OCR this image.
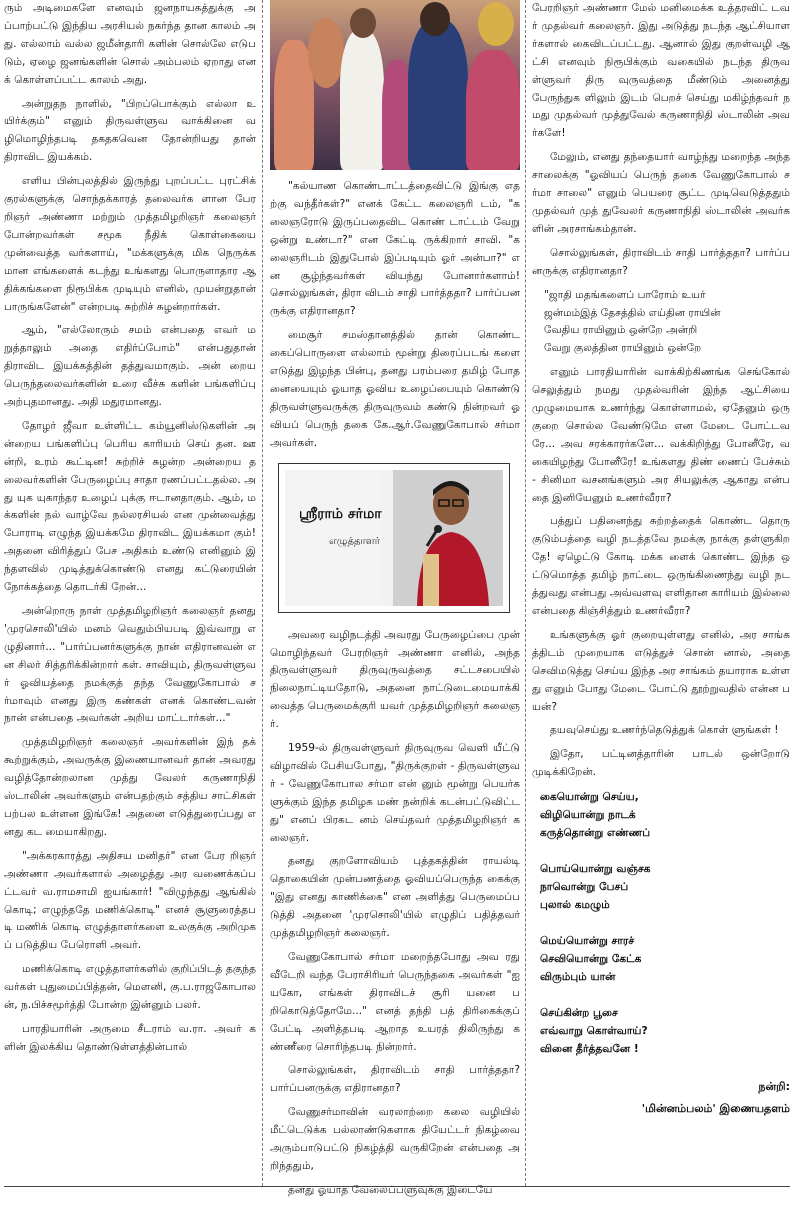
ரும் அடிமைகளே எனவும் ஜனநாயகத்துக்கு அப்பாற்பட்டு இந்திய அரசியல் நகர்ந்த தான காலம் அது. எல்லாம் வல்ல ஜமீன்தாரி களின் சொல்லே எடுபடும், ஏழை ஜனங்களின் சொல் அம்பலம் ஏறாது எனக் கொள்ளப்பட்ட காலம் அது.

அன்றுதந நாளில், "பிறப்பொக்கும் எல்லா உயிர்க்கும்" எனும் திருவள்ளுவ வாக்கினை வழிமொழிந்தபடி தகதகவென தோன்றியது தான் திராவிட இயக்கம்.

எளிய பின்புலத்தில் இருந்து புறப்பட்ட புரட்சிக் குரல்களுக்கு சொந்தக்காரத் தலைவர்க ளான பேரறிஞர் அண்ணா மற்றும் முத்தமிழறிஞர் கலைஞர் போன்றவர்கள் சமூக நீதிக் கொள்கையை முன்வைத்த வர்களாய், "மக்களுக்கு மிக நெருக்கமான எங்களைக் கடந்து உங்களது பொருளாதார ஆதிக்கங்களை நிரூபிக்க முடியும் எனில், முயன்றுதான் பாருங்களேன்" என்றபடி சுற்றிச் சுழன்றார்கள்.

ஆம், "எல்லோரும் சமம் என்பதை எவர் மறுத்தாலும் அதை எதிர்ப்போம்" என்பதுதான் திராவிட இயக்கத்தின் தத்துவமாகும். அன் றைய பெருந்தலைவர்களின் உரை வீச்சு களின் பங்களிப்பு அற்புதமானது. அதி மதுரமானது.

தோழர் ஜீவா உள்ளிட்ட கம்யூனிஸ்டுகளின் அன்றைய பங்களிப்பு பெரிய காரியம் செய் தன. ஊன்றி, உரம் கூட்டின! சுற்றிச் சுழன்ற அன்றைய தலைவர்களின் பேருழைப்பு சாதா ரணப்பட்டதல்ல. அது யுக யுகாந்தர உழைப் புக்கு ஈடானதாகும். ஆம், மக்களின் நல் வாழ்வே நல்லரசியல் என முன்வைத்து போராடி எழுந்த இயக்கமே திராவிட இயக்கமா கும்! அதனை விரித்துப் பேச அதிகம் உண்டு எனினும் இந்தளவில் முடித்துக்கொண்டு எனது கட்டுரையின் நோக்கத்தை தொடர்கி றேன்...

அன்றொரு நாள் முத்தமிழறிஞர் கலைஞர் தனது 'முரசொலி'யில் மனம் வெதும்பியபடி இவ்வாறு எழுதினார்... "பார்ப்பனர்களுக்கு நான் எதிரானவன் என சிலர் சித்தரிக்கின்றார் கள். சாவியும், திருவள்ளுவர் ஓவியத்தை நமக்குத் தந்த வேணுகோபால் சர்மாவும் எனது இரு கண்கள் எனக் கொண்டவன் நான் என்பதை அவர்கள் அறிய மாட்டார்கள்..."

முத்தமிழறிஞர் கலைஞர் அவர்களின் இந் தக் கூற்றுக்கும், அவருக்கு இணையானவர் தான் அவரது வழித்தோன்றலான முத்து வேலர் கருணாநிதி ஸ்டாலின் அவர்களும் என்பதற்கும் சத்திய சாட்சிகள் பற்பல உள்ளன இங்கே! அதனை எடுத்துரைப்பது எனது கட மையாகிறது.

"அக்கரகாரத்து அதிசய மனிதர்" என பேர றிஞர் அண்ணா அவர்களால் அழைத்து அர வணைக்கப்பட்டவர் வ.ராமசாமி ஐயங்கார்! "விழுந்தது ஆங்கில் கொடி; எழுந்ததே மணிக்கொடி" எனச் சூளுரைத்தபடி மணிக் கொடி எழுத்தாளர்களை உலகுக்கு அறிமுகப் படுத்திய பேரொளி அவர்.

மணிக்கொடி எழுத்தாளர்களில் குறிப்பிடத் தகுந்தவர்கள் புதுமைப்பித்தன், மௌனி, கு.ப.ராஜகோபாலன், ந.பிச்சமூர்த்தி போன்ற இன்னும் பலர்.

பாரதியாரின் அருமை சீடராம் வ.ரா. அவர் களின் இலக்கிய தொண்டுள்ளத்தின்பால்

"கல்யாண கொண்டாட்டத்தைவிட்டு இங்கு எதற்கு வந்தீர்கள்?" எனக் கேட்ட கலைஞரி டம், "கலைஞரோடு இருப்பதைவிட கொண் டாட்டம் வேறு ஒன்று உண்டா?" என கேட்டி ருக்கிறார் சாவி. "கலைஞரிடம் இதுபோல் இப்படியும் ஓர் அன்பா?" என சூழ்ந்தவர்கள் வியந்து போனார்களாம்! சொல்லுங்கள், திரா விடம் சாதி பார்த்ததா? பார்ப்பனருக்கு எதிரானதா?

மைசூர் சமஸ்தானத்தில் தான் கொண்ட கைப்பொருளை எல்லாம் மூன்று திரைப்படங் களை எடுத்து இழந்த பின்பு, தனது பரம்பரை தமிழ் போதனையையும் ஓயாத ஓவிய உழைப்பையும் கொண்டு திருவள்ளுவருக்கு திருவுருவம் கண்டு நின்றவர் ஓவியப் பெருந் தகை கே.ஆர்.வேணுகோபால் சர்மா அவர்கள்.

ஸ்ரீராம் சர்மா
எழுத்தாளர்

அவரை வழிநடத்தி அவரது பேருழைப்பை முன் மொழிந்தவர் பேரறிஞர் அண்ணா எனில், அந்த திருவள்ளுவர் திருவுருவத்தை சட்டசபையில் நிலைநாட்டியதோடு, அதனை நாட்டுடைமையாக்கி வைத்த பெருமைக்குரி யவர் முத்தமிழறிஞர் கலைஞர்.

1959-ல் திருவள்ளுவர் திருவுருவ வெளி யீட்டு விழாவில் பேசியபோது, "திருக்குறள் - திருவள்ளுவர் - வேணுகோபால சர்மா என் னும் மூன்று பெயர்களுக்கும் இந்த தமிழக மண் நன்றிக் கடன்பட்டுவிட்டது" எனப் பிரகட னம் செய்தவர் முத்தமிழறிஞர் கலைஞர்.

தனது குறளோவியம் புத்தகத்தின் ராயல்டி தொகையின் முன்பணத்தை ஓவியப்பெருந்த கைக்கு "இது எனது காணிக்கை" என அளித்து பெருமைப்படுத்தி அதனை 'முரசொலி'யில் எழுதிப் பதித்தவர் முத்தமிழறிஞர் கலைஞர்.

வேணுகோபால் சர்மா மறைந்தபோது அவ ரது வீடேறி வந்த பேராசிரியர் பெருந்தகை அவர்கள் "ஐயகோ, எங்கள் திராவிடச் சூரி யனை பறிகொடுத்தோமே..." எனத் தந்தி பத் திரிகைக்குப் பேட்டி அளித்தபடி ஆறாத உயரத் திலிருந்து கண்ணீரை சொரிந்தபடி நின்றார்.

சொல்லுங்கள், திராவிடம் சாதி பார்த்ததா? பார்ப்பனருக்கு எதிரானதா?

வேணுசர்மாவின் வரலாற்றை கலை வழியில் மீட்டெடுக்க பல்லாண்டுகளாக தியேட்டர் நிகழ்வை அரும்பாடுபட்டு நிகழ்த்தி வருகிறேன் என்பதை அறிந்ததும்,

தனது ஓயாத வேலைப்பளுவுக்கு இடையே

பேரறிஞர் அண்ணா மேல் மனிமைக்க உத்தரவிட் டவர் முதல்வர் கலைஞர். இது அடுத்து நடந்த ஆட்சியாளர்களால் கைவிடப்பட்டது. ஆனால் இது குறள்வழி ஆட்சி எனவும் நிரூபிக்கும் வகையில் நடந்த திருவள்ளுவர் திரு வுருவத்தை மீண்டும் அனைத்து பேருந்துக ளிலும் இடம் பெறச் செய்து மகிழ்ந்தவர் நமது முதல்வர் முத்துவேல் கருணாநிதி ஸ்டாலின் அவர்களே!

மேலும், எனது தந்தையார் வாழ்ந்து மறைந்த அந்த சாலைக்கு "ஓவியப் பெருந் தகை வேணுகோபால் சர்மா சாலை" எனும் பெயரை சூட்ட முடிவெடுத்ததும் முதல்வர் முத் துவேலர் கருணாநிதி ஸ்டாலின் அவர்களின் அரசாங்கம்தான்.

சொல்லுங்கள், திராவிடம் சாதி பார்த்ததா? பார்ப்பனருக்கு எதிரானதா?

"ஜாதி மதங்களைப் பாரோம் உயர்
ஜன்மம்இத் தேசத்தில் எய்தின ராயின்
வேதிய ராயினும் ஒன்றே அன்றி
வேறு குலத்தின ராயினும் ஒன்றே

எனும் பாரதியாரின் வாக்கிற்கிணங்க செங்கோல் செலுத்தும் நமது முதல்வரின் இந்த ஆட்சியை முழுமையாக உணர்ந்து கொள்ளாமல், ஏதேனும் ஒரு குறை சொல்ல வேண்டுமே என மேடை போட்டவரே... அவ சரக்காரர்களே... வக்கிறிந்து போனீரே, வகையிழந்து போனீரே! உங்களது திண் ணைப் பேச்சும் - சினிமா வசனங்களும் அர சியலுக்கு ஆகாது என்பதை இனியேனும் உணர்வீரா?

பத்துப் பதினைந்து சுற்றத்தைக் கொண்ட தொரு குடும்பத்தை வழி நடத்தவே நமக்கு நாக்கு தள்ளுகிறதே! ஏழெட்டு கோடி மக்க ளைக் கொண்ட இந்த ஒட்டுமொத்த தமிழ் நாட்டை ஒருங்கிணைந்து வழி நடத்துவது என்பது அவ்வளவு எளிதான காரியம் இல்லை என்பதை கிஞ்சித்தும் உணர்வீரா?

உங்களுக்கு ஓர் குறையுள்ளது எனில், அர சாங்கத்திடம் முறையாக எடுத்துச் சொன் னால், அதை செவிமடுத்து செய்ய இந்த அர சாங்கம் தயாராக உள்ளது எனும் போது மேடை போட்டு தூற்றுவதில் என்ன பயன்?

தயவுசெய்து உணர்ந்தெடுத்துக் கொள் ளுங்கள் !

இதோ, பட்டினத்தாரின் பாடல் ஒன்றோடு முடிக்கிறேன்.

கையொன்று செய்ய,
விழியொன்று நாடக்
கருத்தொன்று எண்ணப்
பொய்யொன்று வஞ்சக
நாவொன்று பேசப்
புலால் கமழும்
மெய்யொன்று சாரச்
செவியொன்று கேட்க
விரும்பும் யான்
செய்கின்ற பூசை
எவ்வாறு கொள்வாய்?
வினை தீர்த்தவனே !
நன்றி:
'மின்னம்பலம்' இணையதளம்
